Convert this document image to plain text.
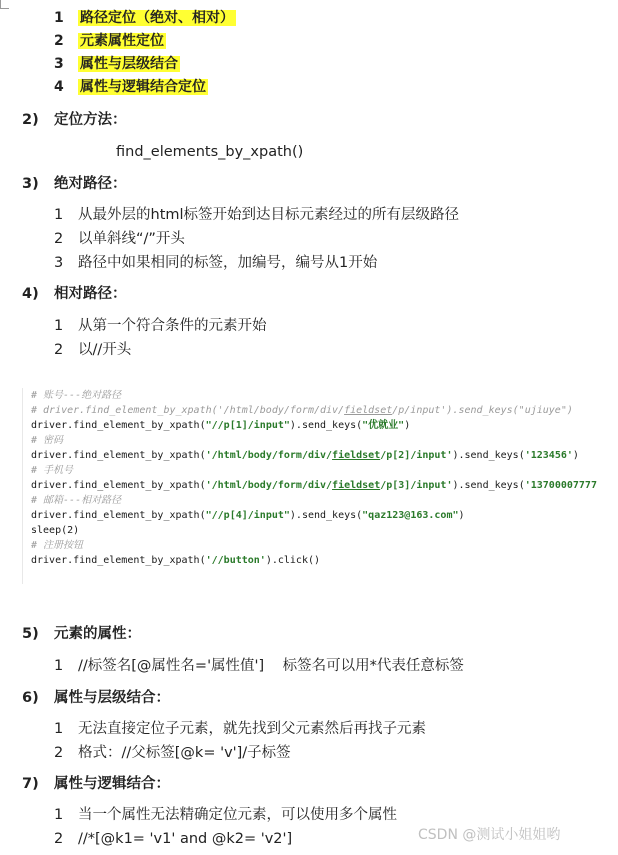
1 路径定位（绝对、相对）
2 元素属性定位
3 属性与层级结合
4 属性与逻辑结合定位
2) 定位方法：
find_elements_by_xpath()
3) 绝对路径：
1 从最外层的html标签开始到达目标元素经过的所有层级路径
2 以单斜线“/”开头
3 路径中如果相同的标签，加编号，编号从1开始
4) 相对路径：
1 从第一个符合条件的元素开始
2 以//开头
# 账号---绝对路径
# driver.find_element_by_xpath('/html/body/form/div/fieldset/p/input').send_keys("ujiuye")
driver.find_element_by_xpath("//p[1]/input").send_keys("优就业")
# 密码
driver.find_element_by_xpath('/html/body/form/div/fieldset/p[2]/input').send_keys('123456')
# 手机号
driver.find_element_by_xpath('/html/body/form/div/fieldset/p[3]/input').send_keys('13700007777
# 邮箱---相对路径
driver.find_element_by_xpath("//p[4]/input").send_keys("qaz123@163.com")
sleep(2)
# 注册按钮
driver.find_element_by_xpath('//button').click()
5) 元素的属性：
1 //标签名[@属性名='属性值']    标签名可以用*代表任意标签
6) 属性与层级结合：
1 无法直接定位子元素，就先找到父元素然后再找子元素
2 格式：//父标签[@k= 'v']/子标签
7) 属性与逻辑结合：
1 当一个属性无法精确定位元素，可以使用多个属性
2 //*[@k1= 'v1' and @k2= 'v2']	CSDN @测试小姐姐哟
